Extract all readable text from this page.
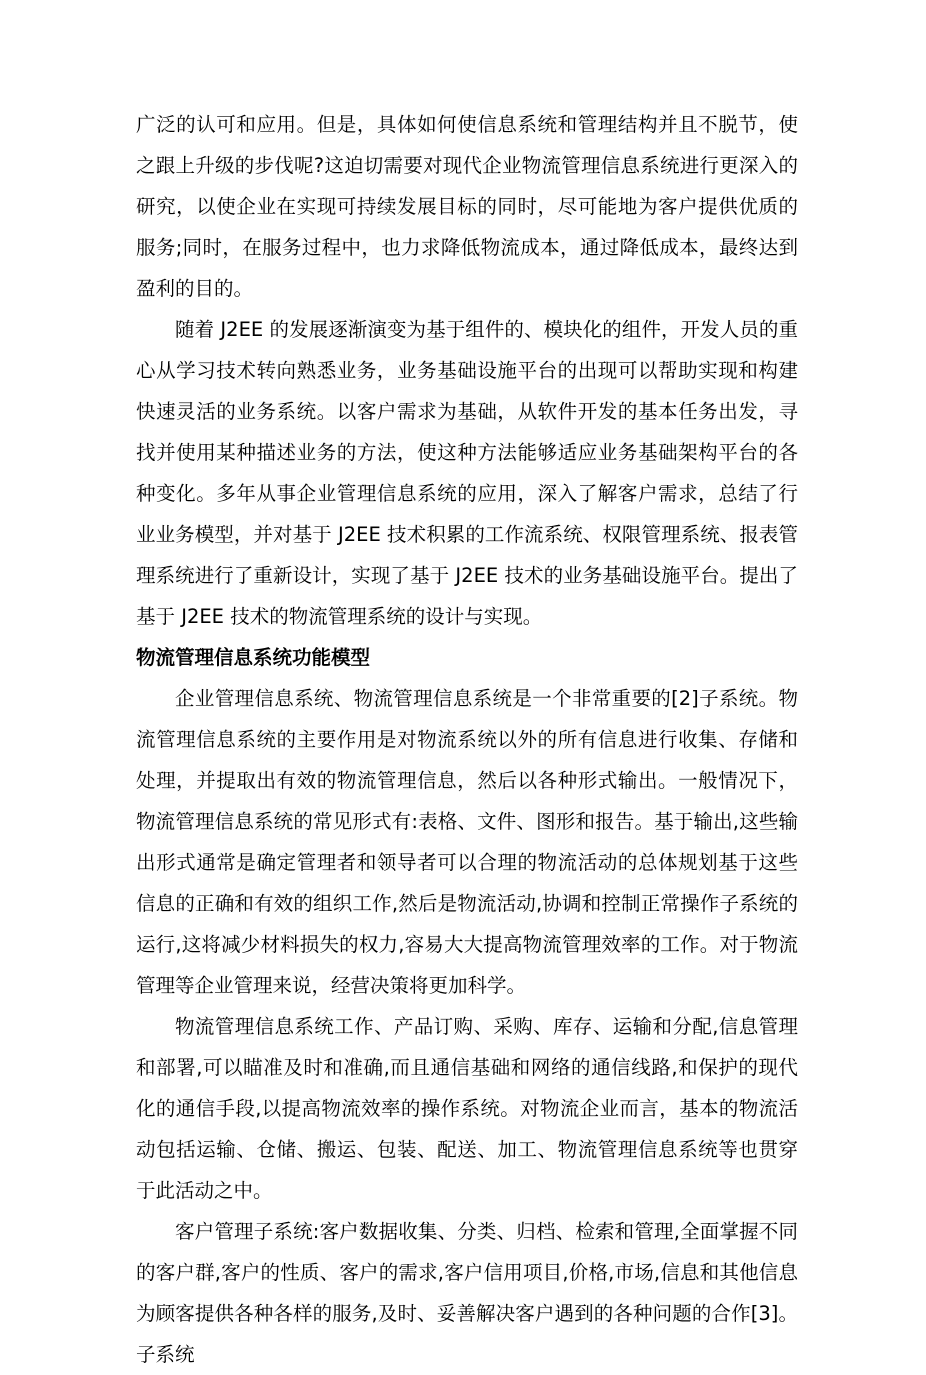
广泛的认可和应用。但是，具体如何使信息系统和管理结构并且不脱节，使之跟上升级的步伐呢?这迫切需要对现代企业物流管理信息系统进行更深入的研究，以使企业在实现可持续发展目标的同时，尽可能地为客户提供优质的服务;同时，在服务过程中，也力求降低物流成本，通过降低成本，最终达到盈利的目的。

随着 J2EE 的发展逐渐演变为基于组件的、模块化的组件，开发人员的重心从学习技术转向熟悉业务，业务基础设施平台的出现可以帮助实现和构建快速灵活的业务系统。以客户需求为基础，从软件开发的基本任务出发，寻找并使用某种描述业务的方法，使这种方法能够适应业务基础架构平台的各种变化。多年从事企业管理信息系统的应用，深入了解客户需求，总结了行业业务模型，并对基于 J2EE 技术积累的工作流系统、权限管理系统、报表管理系统进行了重新设计，实现了基于 J2EE 技术的业务基础设施平台。提出了基于 J2EE 技术的物流管理系统的设计与实现。

物流管理信息系统功能模型

企业管理信息系统、物流管理信息系统是一个非常重要的[2]子系统。物流管理信息系统的主要作用是对物流系统以外的所有信息进行收集、存储和处理，并提取出有效的物流管理信息，然后以各种形式输出。一般情况下，物流管理信息系统的常见形式有:表格、文件、图形和报告。基于输出,这些输出形式通常是确定管理者和领导者可以合理的物流活动的总体规划基于这些信息的正确和有效的组织工作,然后是物流活动,协调和控制正常操作子系统的运行,这将减少材料损失的权力,容易大大提高物流管理效率的工作。对于物流管理等企业管理来说，经营决策将更加科学。

物流管理信息系统工作、产品订购、采购、库存、运输和分配,信息管理和部署,可以瞄准及时和准确,而且通信基础和网络的通信线路,和保护的现代化的通信手段,以提高物流效率的操作系统。对物流企业而言，基本的物流活动包括运输、仓储、搬运、包装、配送、加工、物流管理信息系统等也贯穿于此活动之中。

客户管理子系统:客户数据收集、分类、归档、检索和管理,全面掌握不同的客户群,客户的性质、客户的需求,客户信用项目,价格,市场,信息和其他信息为顾客提供各种各样的服务,及时、妥善解决客户遇到的各种问题的合作[3]。子系统
